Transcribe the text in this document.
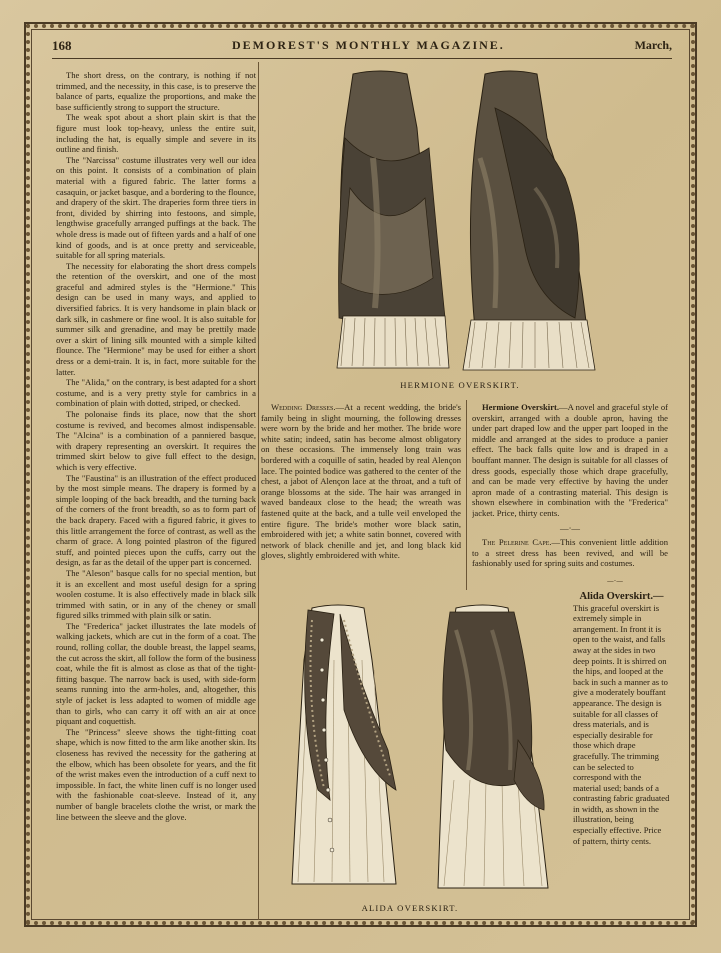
168	DEMOREST'S MONTHLY MAGAZINE.	March,

The short dress, on the contrary, is nothing if not trimmed, and the necessity, in this case, is to preserve the balance of parts, equalize the proportions, and make the base sufficiently strong to support the structure.

The weak spot about a short plain skirt is that the figure must look top-heavy, unless the entire suit, including the hat, is equally simple and severe in its outline and finish.

The "Narcissa" costume illustrates very well our idea on this point. It consists of a combination of plain material with a figured fabric. The latter forms a casaquin, or jacket basque, and a bordering to the flounce, and drapery of the skirt. The draperies form three tiers in front, divided by shirring into festoons, and simple, lengthwise gracefully arranged puffings at the back. The whole dress is made out of fifteen yards and a half of one kind of goods, and is at once pretty and serviceable, suitable for all spring materials.

The necessity for elaborating the short dress compels the retention of the overskirt, and one of the most graceful and admired styles is the "Hermione." This design can be used in many ways, and applied to diversified fabrics. It is very handsome in plain black or dark silk, in cashmere or fine wool. It is also suitable for summer silk and grenadine, and may be prettily made over a skirt of lining silk mounted with a simple kilted flounce. The "Hermione" may be used for either a short dress or a demi-train. It is, in fact, more suitable for the latter.

The "Alida," on the contrary, is best adapted for a short costume, and is a very pretty style for cambrics in a combination of plain with dotted, striped, or checked.

The polonaise finds its place, now that the short costume is revived, and becomes almost indispensable. The "Alcina" is a combination of a panniered basque, with drapery representing an overskirt. It requires the trimmed skirt below to give full effect to the design, which is very effective.

The "Faustina" is an illustration of the effect produced by the most simple means. The drapery is formed by a simple looping of the back breadth, and the turning back of the corners of the front breadth, so as to form part of the back drapery. Faced with a figured fabric, it gives to this little arrangement the force of contrast, as well as the charm of grace. A long pointed plastron of the figured stuff, and pointed pieces upon the cuffs, carry out the design, as far as the detail of the upper part is concerned.

The "Aleson" basque calls for no special mention, but it is an excellent and most useful design for a spring woolen costume. It is also effectively made in black silk trimmed with satin, or in any of the cheney or small figured silks trimmed with plain silk or satin.

The "Frederica" jacket illustrates the late models of walking jackets, which are cut in the form of a coat. The round, rolling collar, the double breast, the lappel seams, the cut across the skirt, all follow the form of the business coat, while the fit is almost as close as that of the tight-fitting basque. The narrow back is used, with side-form seams running into the arm-holes, and, altogether, this style of jacket is less adapted to women of middle age than to girls, who can carry it off with an air at once piquant and coquettish.

The "Princess" sleeve shows the tight-fitting coat shape, which is now fitted to the arm like another skin. Its closeness has revived the necessity for the gathering at the elbow, which has been obsolete for years, and the fit of the wrist makes even the introduction of a cuff next to impossible. In fact, the white linen cuff is no longer used with the fashionable coat-sleeve. Instead of it, any number of bangle bracelets clothe the wrist, or mark the line between the sleeve and the glove.

HERMIONE OVERSKIRT.

Wedding Dresses.—At a recent wedding, the bride's family being in slight mourning, the following dresses were worn by the bride and her mother. The bride wore white satin; indeed, satin has become almost obligatory on these occasions. The immensely long train was bordered with a coquille of satin, headed by real Alençon lace. The pointed bodice was gathered to the center of the chest, a jabot of Alençon lace at the throat, and a tuft of orange blossoms at the side. The hair was arranged in waved bandeaux close to the head; the wreath was fastened quite at the back, and a tulle veil enveloped the entire figure. The bride's mother wore black satin, embroidered with jet; a white satin bonnet, covered with network of black chenille and jet, and long black kid gloves, slightly embroidered with white.

Hermione Overskirt.—A novel and graceful style of overskirt, arranged with a double apron, having the under part draped low and the upper part looped in the middle and arranged at the sides to produce a panier effect. The back falls quite low and is draped in a bouffant manner. The design is suitable for all classes of dress goods, especially those which drape gracefully, and can be made very effective by having the under apron made of a contrasting material. This design is shown elsewhere in combination with the "Frederica" jacket. Price, thirty cents.

—·—

The Pelerine Cape.—This convenient little addition to a street dress has been revived, and will be fashionably used for spring suits and costumes.

—·—
ALIDA OVERSKIRT.
Alida Overskirt.—

This graceful overskirt is extremely simple in arrangement. In front it is open to the waist, and falls away at the sides in two deep points. It is shirred on the hips, and looped at the back in such a manner as to give a moderately bouffant appearance. The design is suitable for all classes of dress materials, and is especially desirable for those which drape gracefully. The trimming can be selected to correspond with the material used; bands of a contrasting fabric graduated in width, as shown in the illustration, being especially effective. Price of pattern, thirty cents.
